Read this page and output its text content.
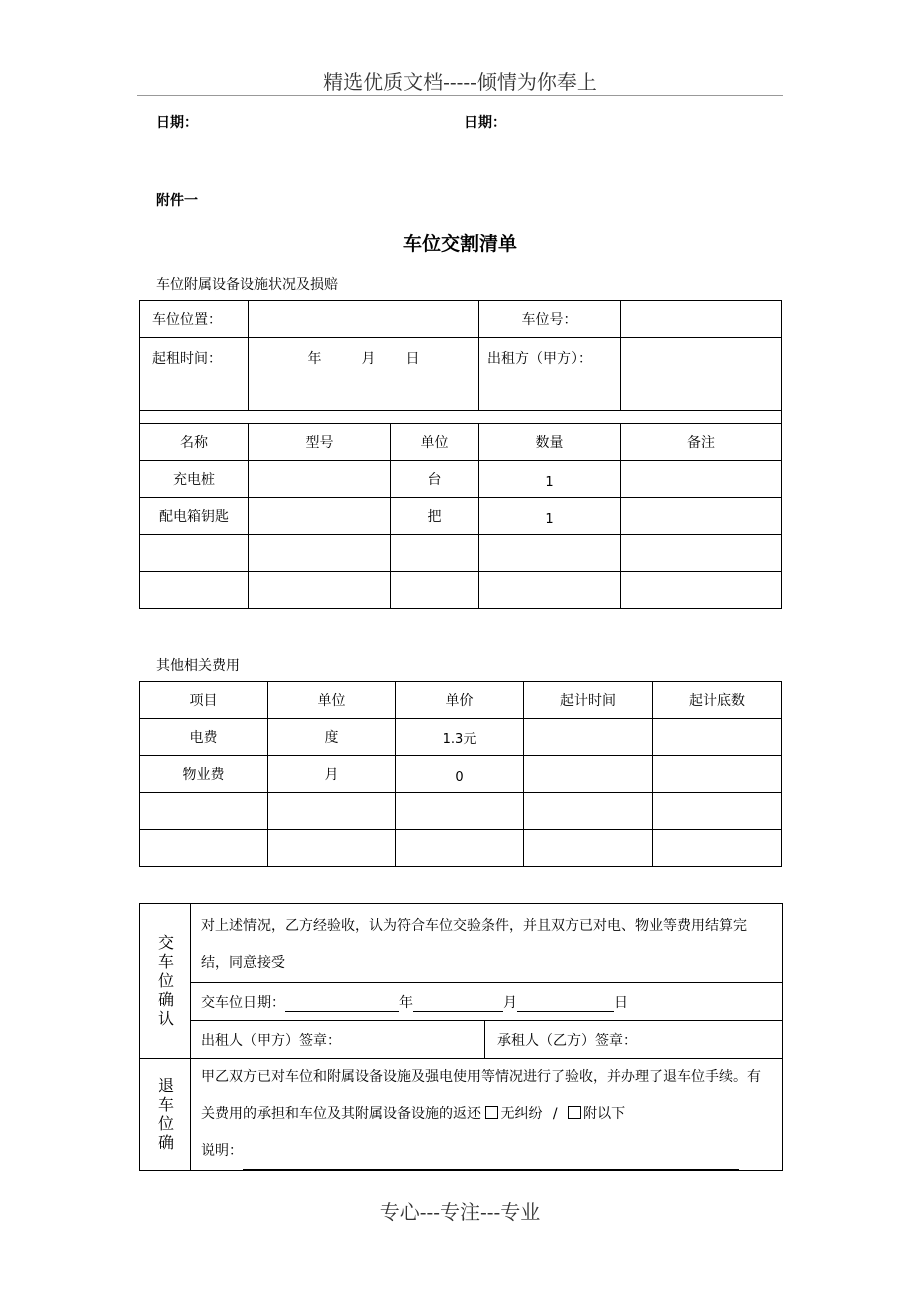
精选优质文档-----倾情为你奉上
日期：	日期：
附件一
车位交割清单
车位附属设备设施状况及损赔
车位位置：			车位号：	
起租时间：	年 月 日		出租方（甲方）：	

名称	型号	单位	数量	备注
充电桩		台	1	
配电箱钥匙		把	1	

其他相关费用
项目	单位	单价	起计时间	起计底数
电费	度	1.3元		
物业费	月	0		

交车位确认	对上述情况，乙方经验收，认为符合车位交验条件，并且双方已对电、物业等费用结算完结，同意接受	
	交车位日期： 年 月 日	
	出租人（甲方）签章：	承租人（乙方）签章：

退车位确	甲乙双方已对车位和附属设备设施及强电使用等情况进行了验收，并办理了退车位手续。有关费用的承担和车位及其附属设备设施的返还 无纠纷 / 附以下
说明：	
专心---专注---专业
